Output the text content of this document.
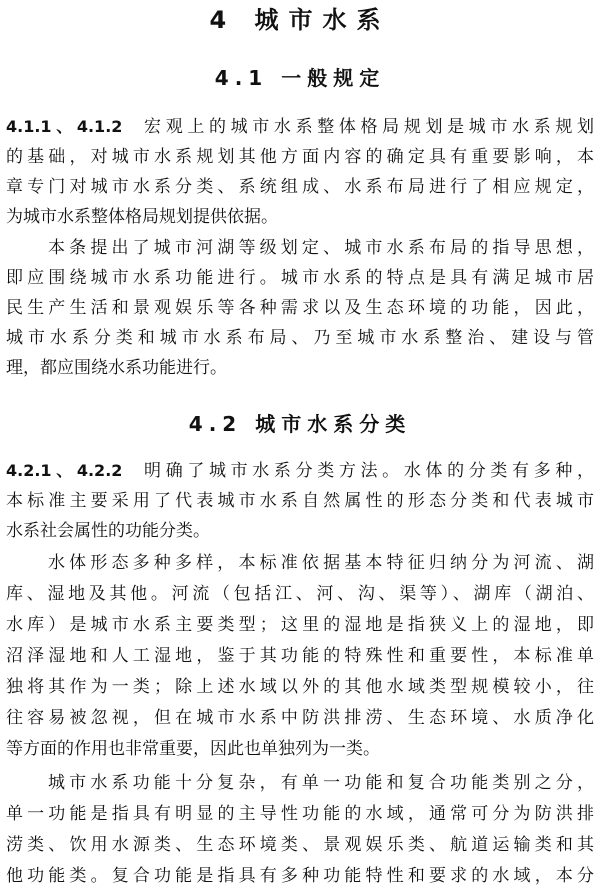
4 城市水系
4.1 一般规定
4.1.1、4.1.2  宏观上的城市水系整体格局规划是城市水系规划
的基础，对城市水系规划其他方面内容的确定具有重要影响，本
章专门对城市水系分类、系统组成、水系布局进行了相应规定，
为城市水系整体格局规划提供依据。
本条提出了城市河湖等级划定、城市水系布局的指导思想，
即应围绕城市水系功能进行。城市水系的特点是具有满足城市居
民生产生活和景观娱乐等各种需求以及生态环境的功能，因此，
城市水系分类和城市水系布局、乃至城市水系整治、建设与管
理，都应围绕水系功能进行。
4.2 城市水系分类
4.2.1、4.2.2  明确了城市水系分类方法。水体的分类有多种，
本标准主要采用了代表城市水系自然属性的形态分类和代表城市
水系社会属性的功能分类。
水体形态多种多样，本标准依据基本特征归纳分为河流、湖
库、湿地及其他。河流（包括江、河、沟、渠等）、湖库（湖泊、
水库）是城市水系主要类型；这里的湿地是指狭义上的湿地，即
沼泽湿地和人工湿地，鉴于其功能的特殊性和重要性，本标准单
独将其作为一类；除上述水域以外的其他水域类型规模较小，往
往容易被忽视，但在城市水系中防洪排涝、生态环境、水质净化
等方面的作用也非常重要，因此也单独列为一类。
城市水系功能十分复杂，有单一功能和复合功能类别之分，
单一功能是指具有明显的主导性功能的水域，通常可分为防洪排
涝类、饮用水源类、生态环境类、景观娱乐类、航道运输类和其
他功能类。复合功能是指具有多种功能特性和要求的水域，本分
